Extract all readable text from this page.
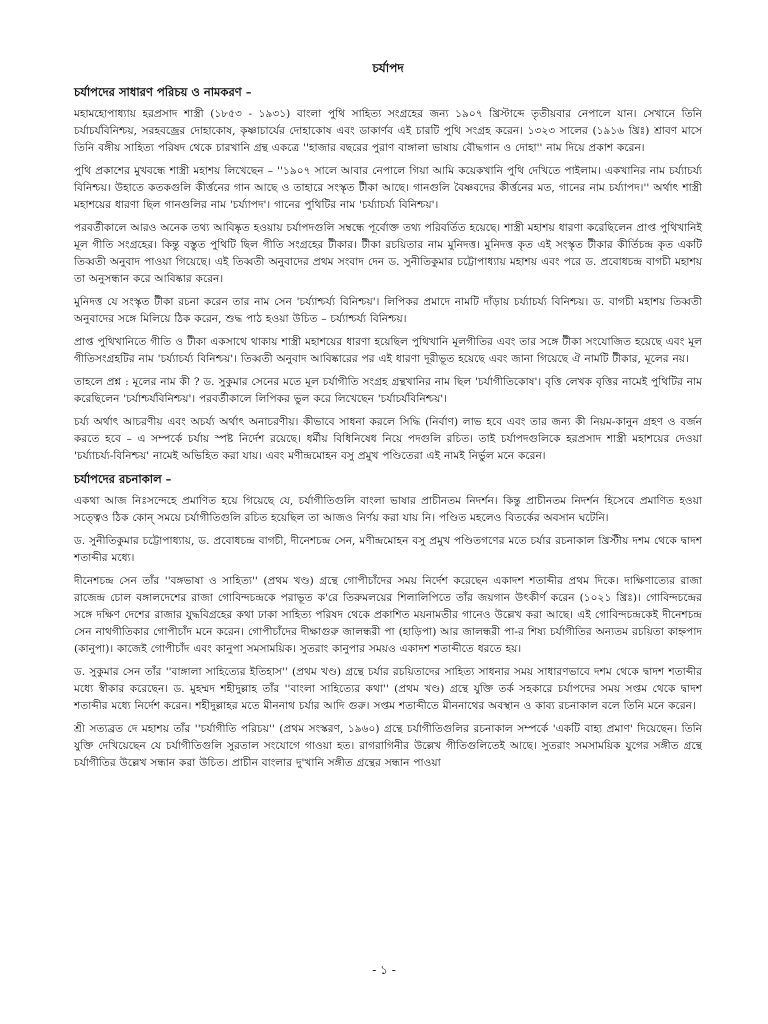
চর্যাপদ
চর্যাপদের সাধারণ পরিচয় ও নামকরণ –

মহামহোপাধ্যায় হরপ্রসাদ শাস্ত্রী (১৮৫৩ - ১৯৩১) বাংলা পুথি সাহিত্য সংগ্রহের জন্য ১৯০৭ খ্রিস্টাব্দে তৃতীয়বার নেপালে যান। সেখানে তিনি চর্যাচর্যবিনিশ্চয়, সরহবজ্রের দোহাকোষ, কৃষ্ণাচার্যের দোহাকোষ এবং ডাকার্ণব এই চারটি পুথি সংগ্রহ করেন। ১৩২৩ সালের (১৯১৬ খ্রিঃ) শ্রাবণ মাসে তিনি বঙ্গীয় সাহিত্য পরিষদ থেকে চারখানি গ্রন্থ একত্রে ''হাজার বছরের পুরাণ বাঙ্গালা ভাষায় বৌদ্ধগান ও দোহা'' নাম দিয়ে প্রকাশ করেন।

পুথি প্রকাশের মুখবন্ধে শাস্ত্রী মহাশয় লিখেছেন – ''১৯০৭ সালে আবার নেপালে গিয়া আমি কয়েকখানি পুথি দেখিতে পাইলাম। একখানির নাম চর্য্যাচর্য্য বিনিশ্চয়। উহাতে কতকগুলি কীর্ত্তনের গান আছে ও তাহারে সংস্কৃত টীকা আছে। গানগুলি বৈষ্ণবদের কীর্ত্তনের মত, গানের নাম চর্য্যাপদ।'' অর্থাৎ শাস্ত্রী মহাশয়ের ধারণা ছিল গানগুলির নাম 'চর্য্যাপদ'। গানের পুথিটির নাম 'চর্য্যাচর্য্য বিনিশ্চয়'।

পরবর্তীকালে আরও অনেক তথ্য আবিষ্কৃত হওয়ায় চর্যাপদগুলি সম্বন্ধে পূর্বোক্ত তথ্য পরিবর্তিত হয়েছে। শাস্ত্রী মহাশয় ধারণা করেছিলেন প্রাপ্ত পুথিখানিই মূল গীতি সংগ্রহের। কিন্তু বস্তুত পুথিটি ছিল গীতি সংগ্রহের টীকার। টীকা রচয়িতার নাম মুনিদত্ত। মুনিদত্ত কৃত এই সংস্কৃত টীকার কীর্তিচন্দ্র কৃত একটি তিব্বতী অনুবাদ পাওয়া গিয়েছে। এই তিব্বতী অনুবাদের প্রথম সংবাদ দেন ড. সুনীতিকুমার চট্টোপাধ্যায় মহাশয় এবং পরে ড. প্রবোধচন্দ্র বাগচী মহাশয় তা অনুসন্ধান করে আবিষ্কার করেন।

মুনিদত্ত যে সংস্কৃত টীকা রচনা করেন তার নাম সেন 'চর্য্যাশ্চর্য্য বিনিশ্চয়'। লিপিকর প্রমাদে নামটি দাঁড়ায় চর্য্যাচর্য্য বিনিশ্চয়। ড. বাগচী মহাশয় তিব্বতী অনুবাদের সঙ্গে মিলিয়ে ঠিক করেন, শুদ্ধ পাঠ হওয়া উচিত – চর্য্যাশ্চর্য্য বিনিশ্চয়।

প্রাপ্ত পুথিখানিতে গীতি ও টীকা একসাথে থাকায় শাস্ত্রী মহাশয়ের ধারণা হয়েছিল পুথিখানি মূলগীতির এবং তার সঙ্গে টীকা সংযোজিত হয়েছে এবং মূল গীতিসংগ্রহটির নাম 'চর্য্যাচর্য্য বিনিশ্চয়'। তিব্বতী অনুবাদ আবিষ্কারের পর এই ধারণা দূরীভূত হয়েছে এবং জানা গিয়েছে ঐ নামটি টীকার, মূলের নয়।

তাহলে প্রশ্ন : মূলের নাম কী ? ড. সুকুমার সেনের মতে মূল চর্যাগীতি সংগ্রহ গ্রন্থখানির নাম ছিল 'চর্যাগীতিকোষ'। বৃত্তি লেখক বৃত্তির নামেই পুথিটির নাম করেছিলেন 'চর্যাশ্চর্যবিনিশ্চয়'। পরবর্তীকালে লিপিকর ভুল করে লিখেছেন 'চর্যাচর্যবিনিশ্চয়'।

চর্য্য অর্থাৎ আচরণীয় এবং অচর্য্য অর্থাৎ অনাচরণীয়। কীভাবে সাধনা করলে সিদ্ধি (নির্বাণ) লাভ হবে এবং তার জন্য কী নিয়ম-কানুন গ্রহণ ও বর্জন করতে হবে – এ সম্পর্কে চর্যায় স্পষ্ট নির্দেশ রয়েছে। ধর্মীয় বিধিনিষেধ নিয়ে পদগুলি রচিত। তাই চর্যাপদগুলিকে হরপ্রসাদ শাস্ত্রী মহাশয়ের দেওয়া 'চর্য্যাচর্য্য-বিনিশ্চয়' নামেই অভিহিত করা যায়। এবং মণীন্দ্রমোহন বসু প্রমুখ পণ্ডিতেরা এই নামই নির্ভুল মনে করেন।

চর্যাপদের রচনাকাল –

একথা আজ নিঃসন্দেহে প্রমাণিত হয়ে গিয়েছে যে, চর্যাগীতিগুলি বাংলা ভাষার প্রাচীনতম নিদর্শন। কিন্তু প্রাচীনতম নিদর্শন হিসেবে প্রমাণিত হওয়া সত্ত্বেও ঠিক কোন্ সময়ে চর্যাগীতিগুলি রচিত হয়েছিল তা আজও নির্ণয় করা যায় নি। পণ্ডিত মহলেও বিতর্কের অবসান ঘটেনি।

ড. সুনীতিকুমার চট্টোপাধ্যায়, ড. প্রবোধচন্দ্র বাগচী, দীনেশচন্দ্র সেন, মণীন্দ্রমোহন বসু প্রমুখ পণ্ডিতগণের মতে চর্যার রচনাকাল খ্রিস্টীয় দশম থেকে দ্বাদশ শতাব্দীর মধ্যে।

দীনেশচন্দ্র সেন তাঁর ''বঙ্গভাষা ও সাহিত্য'' (প্রথম খণ্ড) গ্রন্থে গোপীচাঁদের সময় নির্দেশ করেছেন একাদশ শতাব্দীর প্রথম দিকে। দাক্ষিণাত্যের রাজা রাজেন্দ্র চোল বঙ্গালদেশের রাজা গোবিন্দচন্দ্রকে পরাভূত ক'রে তিরুমলয়ের শিলালিপিতে তাঁর জয়গান উৎকীর্ণ করেন (১০২১ খ্রিঃ)। গোবিন্দচন্দ্রের সঙ্গে দক্ষিণ দেশের রাজার যুদ্ধবিগ্রহের কথা ঢাকা সাহিত্য পরিষদ থেকে প্রকাশিত ময়নামতীর গানেও উল্লেখ করা আছে। এই গোবিন্দচন্দ্রকেই দীনেশচন্দ্র সেন নাথগীতিকার গোপীচাঁদ মনে করেন। গোপীচাঁদের দীক্ষাগুরু জালন্ধরী পা (হাড়িপা) আর জালন্ধরী পা-র শিষ্য চর্যাগীতির অন্যতম রচয়িতা কাহ্নপাদ (কানুপা)। কাজেই গোপীচাঁদ এবং কানুপা সমসাময়িক। সুতরাং কানুপার সময়ও একাদশ শতাব্দীতে ধরতে হয়।

ড. সুকুমার সেন তাঁর ''বাঙ্গালা সাহিত্যের ইতিহাস'' (প্রথম খণ্ড) গ্রন্থে চর্যার রচয়িতাদের সাহিত্য সাধনার সময় সাধারণভাবে দশম থেকে দ্বাদশ শতাব্দীর মধ্যে স্বীকার করেছেন। ড. মুহম্মদ শহীদুল্লাহ তাঁর ''বাংলা সাহিত্যের কথা'' (প্রথম খণ্ড) গ্রন্থে যুক্তি তর্ক সহকারে চর্যাপদের সময় সপ্তম থেকে দ্বাদশ শতাব্দীর মধ্যে নির্দেশ করেন। শহীদুল্লাহর মতে মীননাথ চর্যার আদি গুরু। সপ্তম শতাব্দীতে মীননাথের অবস্থান ও কাব্য রচনাকাল বলে তিনি মনে করেন।

শ্রী সত্যব্রত দে মহাশয় তাঁর ''চর্যাগীতি পরিচয়'' (প্রথম সংস্করণ, ১৯৬০) গ্রন্থে চর্যাগীতিগুলির রচনাকাল সম্পর্কে 'একটি বাহ্য প্রমাণ' দিয়েছেন। তিনি যুক্তি দেখিয়েছেন যে চর্যাগীতিগুলি সুরতাল সংযোগে গাওয়া হত। রাগরাগিনীর উল্লেখ গীতিগুলিতেই আছে। সুতরাং সমসাময়িক যুগের সঙ্গীত গ্রন্থে চর্যাগীতির উল্লেখ সন্ধান করা উচিত। প্রাচীন বাংলার দু'খানি সঙ্গীত গ্রন্থের সন্ধান পাওয়া

- ১ -
